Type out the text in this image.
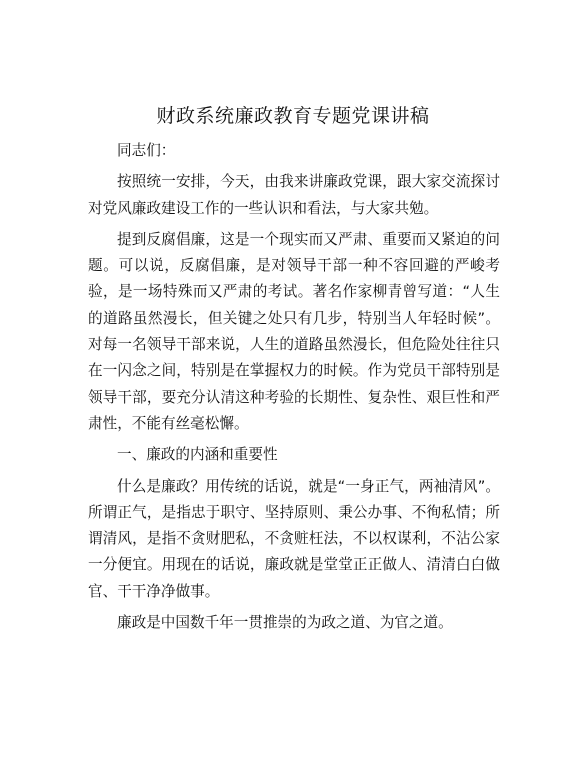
财政系统廉政教育专题党课讲稿

同志们：

按照统一安排，今天，由我来讲廉政党课，跟大家交流探讨对党风廉政建设工作的一些认识和看法，与大家共勉。

提到反腐倡廉，这是一个现实而又严肃、重要而又紧迫的问题。可以说，反腐倡廉，是对领导干部一种不容回避的严峻考验，是一场特殊而又严肃的考试。著名作家柳青曾写道：“人生的道路虽然漫长，但关键之处只有几步，特别当人年轻时候”。对每一名领导干部来说，人生的道路虽然漫长，但危险处往往只在一闪念之间，特别是在掌握权力的时候。作为党员干部特别是领导干部，要充分认清这种考验的长期性、复杂性、艰巨性和严肃性，不能有丝毫松懈。

一、廉政的内涵和重要性

什么是廉政？用传统的话说，就是“一身正气，两袖清风”。所谓正气，是指忠于职守、坚持原则、秉公办事、不徇私情；所谓清风，是指不贪财肥私，不贪赃枉法，不以权谋利，不沾公家一分便宜。用现在的话说，廉政就是堂堂正正做人、清清白白做官、干干净净做事。

廉政是中国数千年一贯推崇的为政之道、为官之道。
